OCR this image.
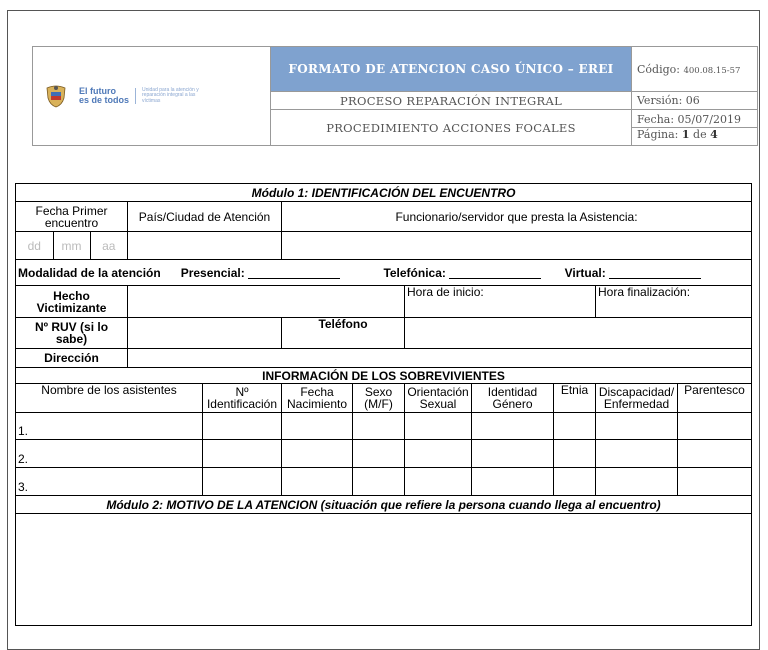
El futuro
es de todos
Unidad para la atención y reparación integral a las víctimas	FORMATO DE ATENCION CASO ÚNICO – EREI	Código: 400.08.15-57
	PROCESO REPARACIÓN INTEGRAL	Versión: 06
	PROCEDIMIENTO ACCIONES FOCALES	Fecha: 05/07/2019
Página: 1 de 4
Módulo 1: IDENTIFICACIÓN DEL ENCUENTRO
Fecha Primer encuentro	País/Ciudad de Atención	Funcionario/servidor que presta la Asistencia:

dd	mm	aa

Modalidad de la atención Presencial:	Telefónica:	Virtual:
Hecho Victimizante		Hora de inicio:	Hora finalización:
Nº RUV (si lo sabe)		Teléfono	
Dirección	
INFORMACIÓN DE LOS SOBREVIVIENTES
Nombre de los asistentes	Nº Identificación	Fecha Nacimiento	Sexo (M/F)	Orientación Sexual	Identidad Género	Etnia	Discapacidad/ Enfermedad	Parentesco
1.								
2.								
3.								
Módulo 2: MOTIVO DE LA ATENCION (situación que refiere la persona cuando llega al encuentro)
